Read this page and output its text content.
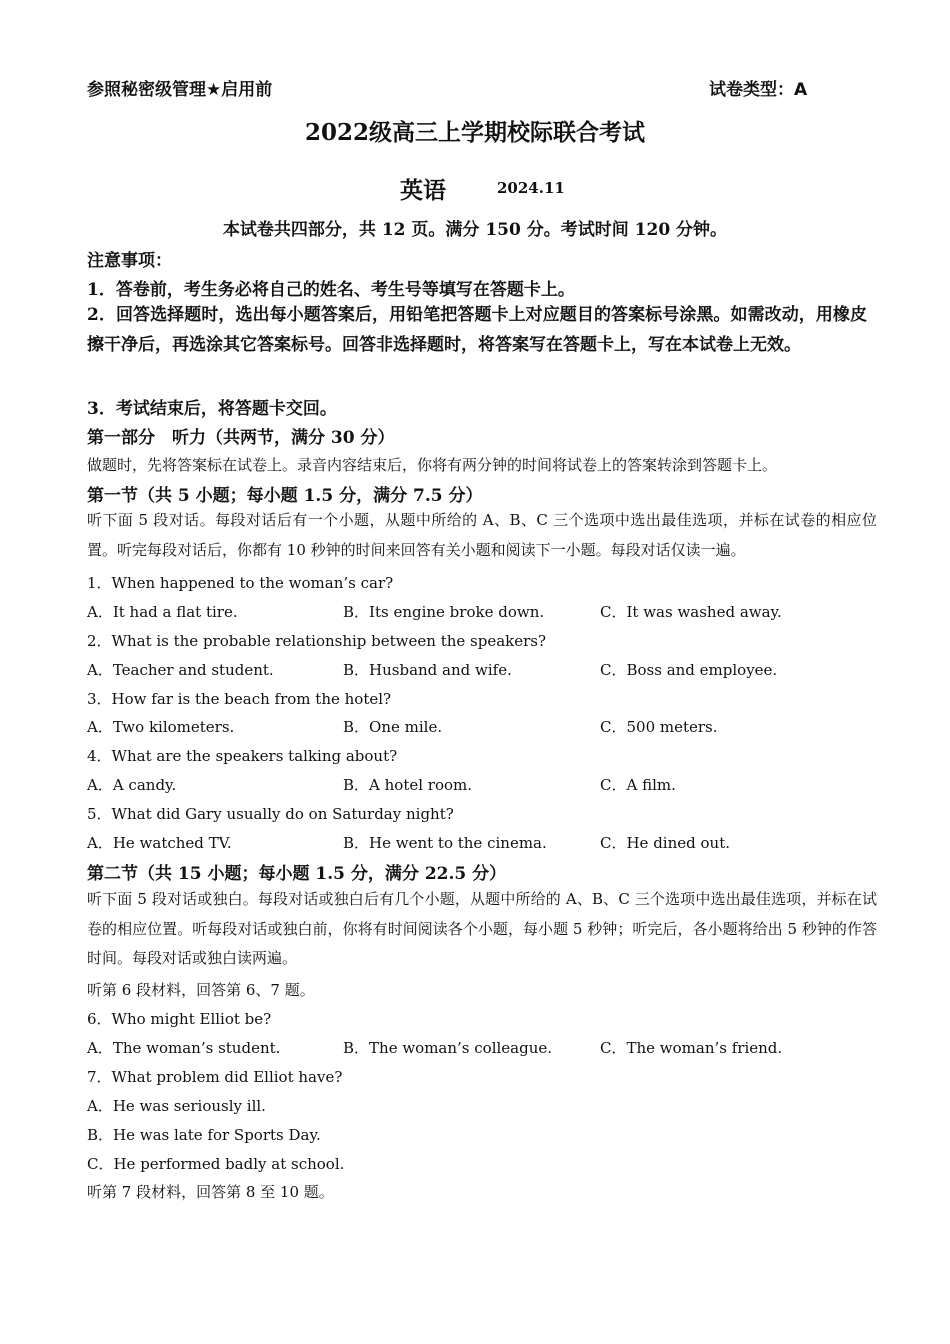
参照秘密级管理★启用前	试卷类型：A
2022级高三上学期校际联合考试
英语	2024.11
本试卷共四部分，共 12 页。满分 150 分。考试时间 120 分钟。
注意事项：
1．答卷前，考生务必将自己的姓名、考生号等填写在答题卡上。
2．回答选择题时，选出每小题答案后，用铅笔把答题卡上对应题目的答案标号涂黑。如需改动，用橡皮擦干净后，再选涂其它答案标号。回答非选择题时，将答案写在答题卡上，写在本试卷上无效。
3．考试结束后，将答题卡交回。
第一部分　听力（共两节，满分 30 分）
做题时，先将答案标在试卷上。录音内容结束后，你将有两分钟的时间将试卷上的答案转涂到答题卡上。
第一节（共 5 小题；每小题 1.5 分，满分 7.5 分）
听下面 5 段对话。每段对话后有一个小题，从题中所给的 A、B、C 三个选项中选出最佳选项，并标在试卷的相应位置。听完每段对话后，你都有 10 秒钟的时间来回答有关小题和阅读下一小题。每段对话仅读一遍。
1．When happened to the woman’s car?
A．It had a flat tire.	B．Its engine broke down.	C．It was washed away.
2．What is the probable relationship between the speakers?
A．Teacher and student.	B．Husband and wife.	C．Boss and employee.
3．How far is the beach from the hotel?
A．Two kilometers.	B．One mile.	C．500 meters.
4．What are the speakers talking about?
A．A candy.	B．A hotel room.	C．A film.
5．What did Gary usually do on Saturday night?
A．He watched TV.	B．He went to the cinema.	C．He dined out.
第二节（共 15 小题；每小题 1.5 分，满分 22.5 分）
听下面 5 段对话或独白。每段对话或独白后有几个小题，从题中所给的 A、B、C 三个选项中选出最佳选项，并标在试卷的相应位置。听每段对话或独白前，你将有时间阅读各个小题，每小题 5 秒钟；听完后，各小题将给出 5 秒钟的作答时间。每段对话或独白读两遍。
听第 6 段材料，回答第 6、7 题。
6．Who might Elliot be?
A．The woman’s student.	B．The woman’s colleague.	C．The woman’s friend.
7．What problem did Elliot have?
A．He was seriously ill.
B．He was late for Sports Day.
C．He performed badly at school.
听第 7 段材料，回答第 8 至 10 题。
